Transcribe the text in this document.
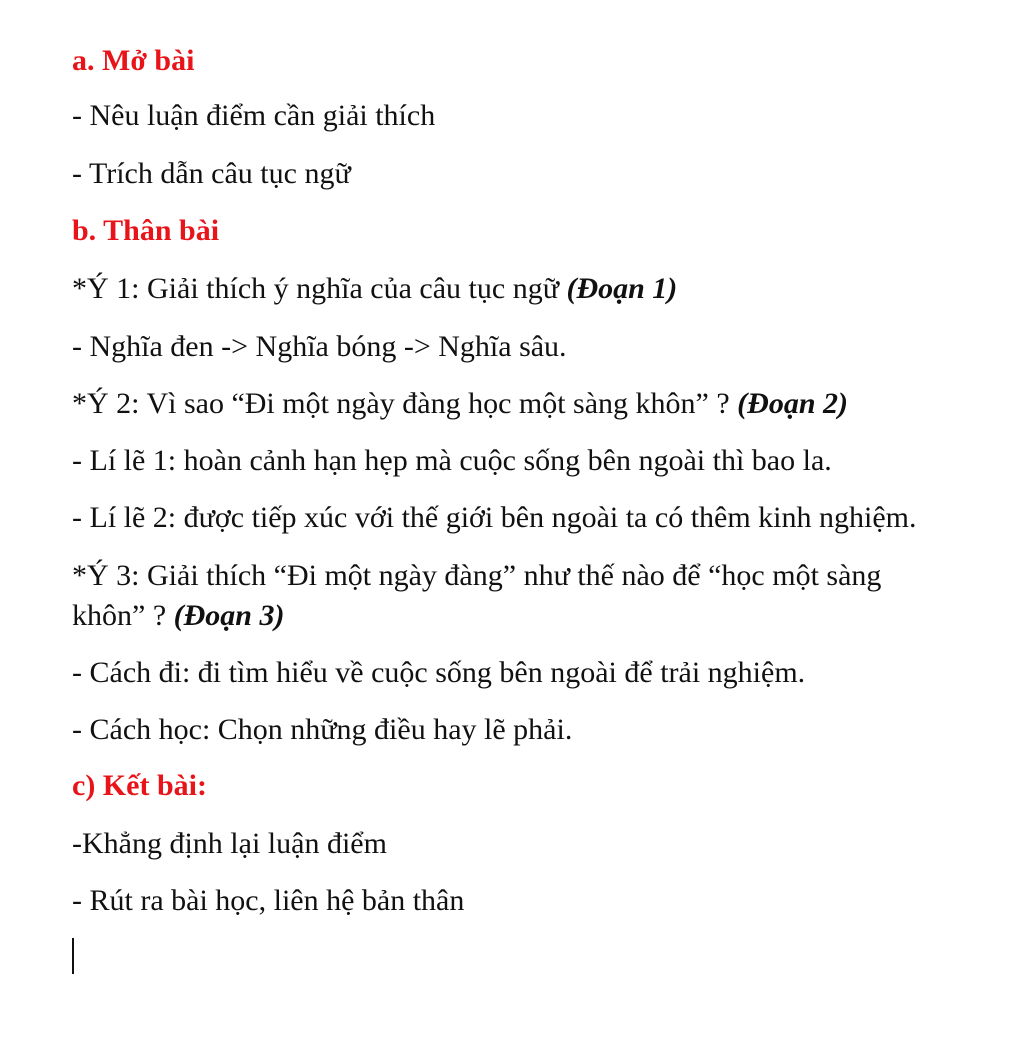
a. Mở bài

- Nêu luận điểm cần giải thích

- Trích dẫn câu tục ngữ

b. Thân bài

*Ý 1: Giải thích ý nghĩa của câu tục ngữ (Đoạn 1)

- Nghĩa đen -> Nghĩa bóng -> Nghĩa sâu.

*Ý 2: Vì sao “Đi một ngày đàng học một sàng khôn” ? (Đoạn 2)

- Lí lẽ 1: hoàn cảnh hạn hẹp mà cuộc sống bên ngoài thì bao la.

- Lí lẽ 2: được tiếp xúc với thế giới bên ngoài ta có thêm kinh nghiệm.

*Ý 3: Giải thích “Đi một ngày đàng” như thế nào để “học một sàng

khôn” ? (Đoạn 3)

- Cách đi: đi tìm hiểu về cuộc sống bên ngoài để trải nghiệm.

- Cách học: Chọn những điều hay lẽ phải.

c) Kết bài:

-Khẳng định lại luận điểm

- Rút ra bài học, liên hệ bản thân
